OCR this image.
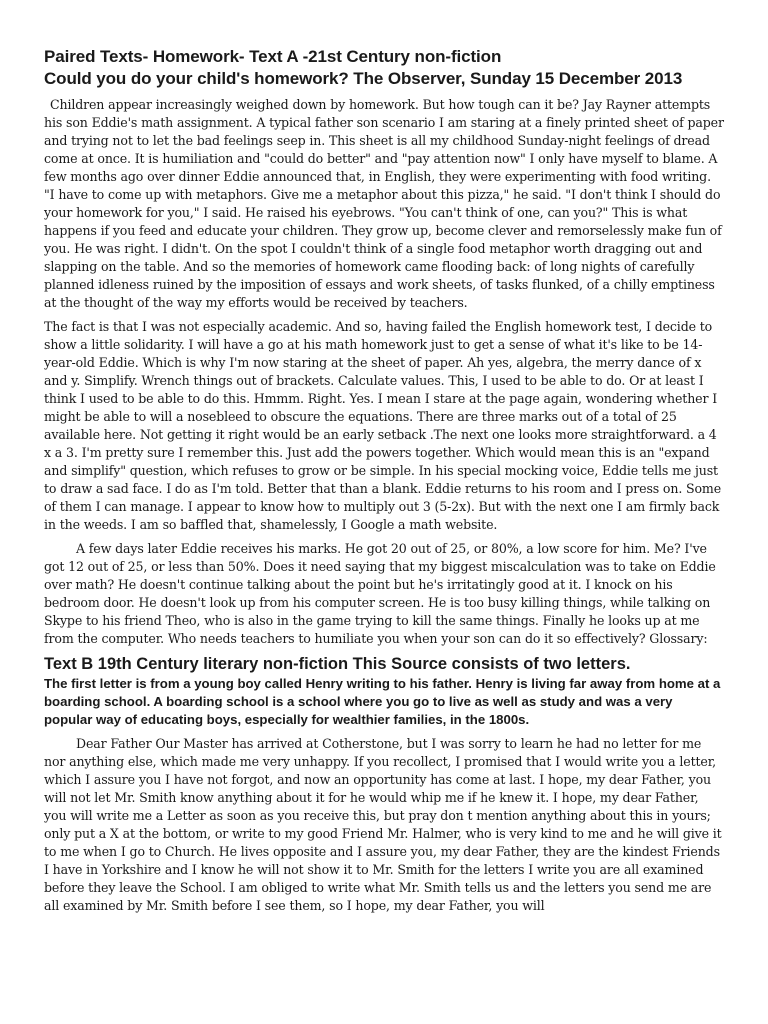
Paired Texts- Homework- Text A -21st Century non-fiction
Could you do your child's homework? The Observer, Sunday 15 December 2013

Children appear increasingly weighed down by homework. But how tough can it be? Jay Rayner attempts his son Eddie's math assignment. A typical father son scenario I am staring at a finely printed sheet of paper and trying not to let the bad feelings seep in. This sheet is all my childhood Sunday-night feelings of dread come at once. It is humiliation and "could do better" and "pay attention now" I only have myself to blame. A few months ago over dinner Eddie announced that, in English, they were experimenting with food writing. "I have to come up with metaphors. Give me a metaphor about this pizza," he said. "I don't think I should do your homework for you," I said. He raised his eyebrows. "You can't think of one, can you?" This is what happens if you feed and educate your children. They grow up, become clever and remorselessly make fun of you. He was right. I didn't. On the spot I couldn't think of a single food metaphor worth dragging out and slapping on the table. And so the memories of homework came flooding back: of long nights of carefully planned idleness ruined by the imposition of essays and work sheets, of tasks flunked, of a chilly emptiness at the thought of the way my efforts would be received by teachers.

The fact is that I was not especially academic. And so, having failed the English homework test, I decide to show a little solidarity. I will have a go at his math homework just to get a sense of what it's like to be 14-year-old Eddie. Which is why I'm now staring at the sheet of paper. Ah yes, algebra, the merry dance of x and y. Simplify. Wrench things out of brackets. Calculate values. This, I used to be able to do. Or at least I think I used to be able to do this. Hmmm. Right. Yes. I mean I stare at the page again, wondering whether I might be able to will a nosebleed to obscure the equations. There are three marks out of a total of 25 available here. Not getting it right would be an early setback .The next one looks more straightforward. a 4 x a 3. I'm pretty sure I remember this. Just add the powers together. Which would mean this is an "expand and simplify" question, which refuses to grow or be simple. In his special mocking voice, Eddie tells me just to draw a sad face. I do as I'm told. Better that than a blank. Eddie returns to his room and I press on. Some of them I can manage. I appear to know how to multiply out 3 (5-2x). But with the next one I am firmly back in the weeds. I am so baffled that, shamelessly, I Google a math website.

A few days later Eddie receives his marks. He got 20 out of 25, or 80%, a low score for him. Me? I've got 12 out of 25, or less than 50%. Does it need saying that my biggest miscalculation was to take on Eddie over math? He doesn't continue talking about the point but he's irritatingly good at it. I knock on his bedroom door. He doesn't look up from his computer screen. He is too busy killing things, while talking on Skype to his friend Theo, who is also in the game trying to kill the same things. Finally he looks up at me from the computer. Who needs teachers to humiliate you when your son can do it so effectively? Glossary:

Text B 19th Century literary non-fiction This Source consists of two letters.

The first letter is from a young boy called Henry writing to his father. Henry is living far away from home at a boarding school. A boarding school is a school where you go to live as well as study and was a very popular way of educating boys, especially for wealthier families, in the 1800s.

Dear Father Our Master has arrived at Cotherstone, but I was sorry to learn he had no letter for me nor anything else, which made me very unhappy. If you recollect, I promised that I would write you a letter, which I assure you I have not forgot, and now an opportunity has come at last. I hope, my dear Father, you will not let Mr. Smith know anything about it for he would whip me if he knew it. I hope, my dear Father, you will write me a Letter as soon as you receive this, but pray don t mention anything about this in yours; only put a X at the bottom, or write to my good Friend Mr. Halmer, who is very kind to me and he will give it to me when I go to Church. He lives opposite and I assure you, my dear Father, they are the kindest Friends I have in Yorkshire and I know he will not show it to Mr. Smith for the letters I write you are all examined before they leave the School. I am obliged to write what Mr. Smith tells us and the letters you send me are all examined by Mr. Smith before I see them, so I hope, my dear Father, you will
